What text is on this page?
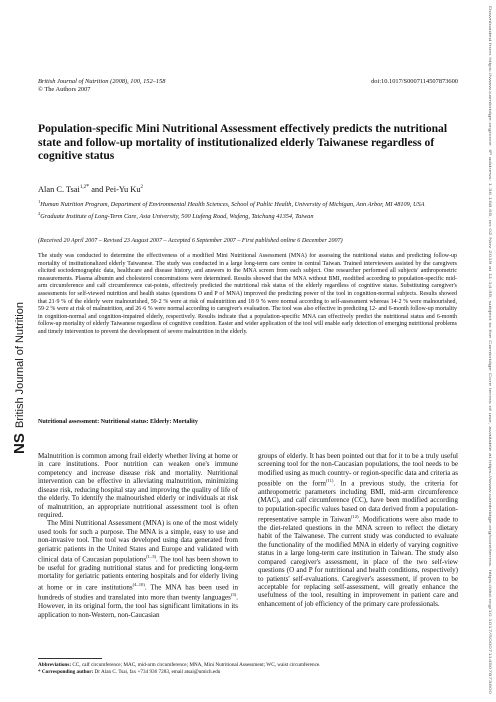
British Journal of Nutrition (2008), 100, 152–158
© The Authors 2007
doi:10.1017/S0007114507873600
Population-specific Mini Nutritional Assessment effectively predicts the nutritional state and follow-up mortality of institutionalized elderly Taiwanese regardless of cognitive status
Alan C. Tsai$^{1,2*}$ and Pei-Yu Ku$^2$
$^1$Human Nutrition Program, Department of Environmental Health Sciences, School of Public Health, University of Michigan, Ann Arbor, MI 48109, USA
$^2$Graduate Institute of Long-Term Care, Asia University, 500 Liufeng Road, Wufeng, Taichung 41354, Taiwan
(Received 20 April 2007 – Revised 23 August 2007 – Accepted 6 September 2007 – First published online 6 December 2007)
The study was conducted to determine the effectiveness of a modified Mini Nutritional Assessment (MNA) for assessing the nutritional status and predicting follow-up mortality of institutionalized elderly Taiwanese. The study was conducted in a large long-term care centre in central Taiwan. Trained interviewers assisted by the caregivers elicited sociodemographic data, healthcare and disease history, and answers to the MNA screen from each subject. One researcher performed all subjects' anthropometric measurements. Plasma albumin and cholesterol concentrations were determined. Results showed that the MNA without BMI, modified according to population-specific mid-arm circumference and calf circumference cut-points, effectively predicted the nutritional risk status of the elderly regardless of cognitive status. Substituting caregiver's assessments for self-viewed nutrition and health status (questions O and P of MNA) improved the predicting power of the tool in cognition-normal subjects. Results showed that 21·9 % of the elderly were malnourished, 59·2 % were at risk of malnutrition and 18·9 % were normal according to self-assessment whereas 14·2 % were malnourished, 59·2 % were at risk of malnutrition, and 26·6 % were normal according to caregiver's evaluation. The tool was also effective in predicting 12- and 6-month follow-up mortality in cognition-normal and cognition-impaired elderly, respectively. Results indicate that a population-specific MNA can effectively predict the nutritional status and 6-month follow-up mortality of elderly Taiwanese regardless of cognitive condition. Easier and wider application of the tool will enable early detection of emerging nutritional problems and timely intervention to prevent the development of severe malnutrition in the elderly.
Nutritional assessment: Nutritional status: Elderly: Mortality

Malnutrition is common among frail elderly whether living at home or in care institutions. Poor nutrition can weaken one's immune competency and increase disease risk and mortality. Nutritional intervention can be effective in alleviating malnutrition, minimizing disease risk, reducing hospital stay and improving the quality of life of the elderly. To identify the malnourished elderly or individuals at risk of malnutrition, an appropriate nutritional assessment tool is often required.

The Mini Nutritional Assessment (MNA) is one of the most widely used tools for such a purpose. The MNA is a simple, easy to use and non-invasive tool. The tool was developed using data generated from geriatric patients in the United States and Europe and validated with clinical data of Caucasian populations$^{(1-3)}$. The tool has been shown to be useful for grading nutritional status and for predicting long-term mortality for geriatric patients entering hospitals and for elderly living at home or in care institutions$^{(4-10)}$. The MNA has been used in hundreds of studies and translated into more than twenty languages$^{(3)}$. However, in its original form, the tool has significant limitations in its application to non-Western, non-Caucasian

groups of elderly. It has been pointed out that for it to be a truly useful screening tool for the non-Caucasian populations, the tool needs to be modified using as much country- or region-specific data and criteria as possible on the form$^{(11)}$. In a previous study, the criteria for anthropometric parameters including BMI, mid-arm circumference (MAC), and calf circumference (CC), have been modified according to population-specific values based on data derived from a population-representative sample in Taiwan$^{(12)}$. Modifications were also made to the diet-related questions in the MNA screen to reflect the dietary habit of the Taiwanese. The current study was conducted to evaluate the functionality of the modified MNA in elderly of varying cognitive status in a large long-term care institution in Taiwan. The study also compared caregiver's assessment, in place of the two self-view questions (O and P for nutritional and health conditions, respectively) to patients' self-evaluations. Caregiver's assessment, if proven to be acceptable for replacing self-assessment, will greatly enhance the usefulness of the tool, resulting in improvement in patient care and enhancement of job efficiency of the primary care professionals.

Abbreviations: CC, calf circumference; MAC, mid-arm circumference; MNA, Mini Nutritional Assessment; WC, waist circumference.
* Corresponding author: Dr Alan C. Tsai, fax +734 936 7283, email atsai@umich.edu
NS
British Journal of Nutrition	Downloaded from https://www.cambridge.org/core. IP address: 1.36.168.65, on 02 Nov 2019 at 11:14:35, subject to the Cambridge Core terms of use, available at https://www.cambridge.org/core/terms. https://doi.org/10.1017/S0007114507873600
